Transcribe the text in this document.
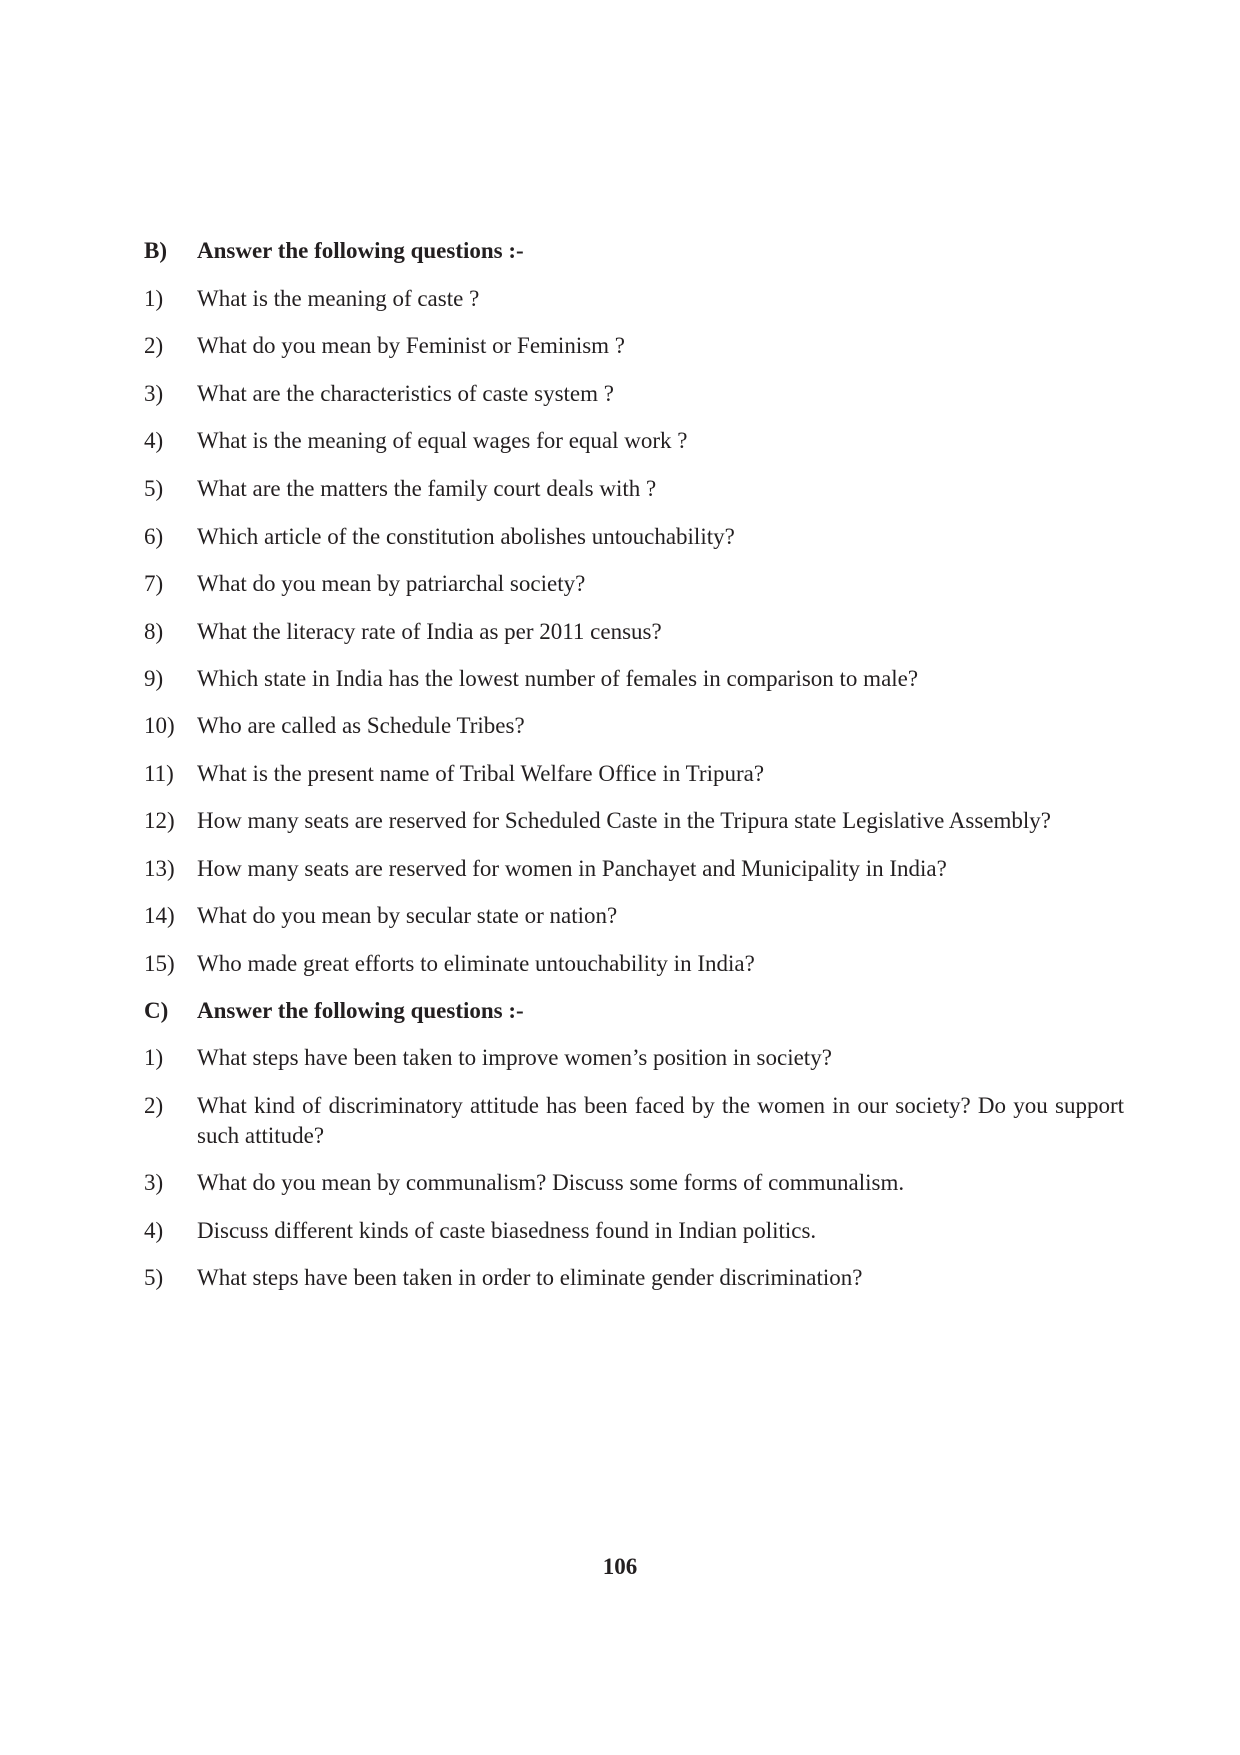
B)	Answer the following questions :-
1)	What is the meaning of caste ?
2)	What do you mean by Feminist or Feminism ?
3)	What are the characteristics of caste system ?
4)	What is the meaning of equal wages for equal work ?
5)	What are the matters the family court deals with ?
6)	Which article of the constitution abolishes untouchability?
7)	What do you mean by patriarchal society?
8)	What the literacy rate of India as per 2011 census?
9)	Which state in India has the lowest number of females in comparison to male?
10) Who are called as Schedule Tribes?
11)	What is the present name of Tribal Welfare Office in Tripura?
12) How many seats are reserved for Scheduled Caste in the Tripura state Legislative Assembly?
13) How many seats are reserved for women in Panchayet and Municipality in India?
14) What do you mean by secular state or nation?
15) Who made great efforts to eliminate untouchability in India?
C)	Answer the following questions :-
1)	What steps have been taken to improve women’s position in society?
2)	What kind of discriminatory attitude has been faced by the women in our society? Do you support such attitude?
3)	What do you mean by communalism? Discuss some forms of communalism.
4)	Discuss different kinds of caste biasedness found in Indian politics.
5)	What steps have been taken in order to eliminate gender discrimination?
106
